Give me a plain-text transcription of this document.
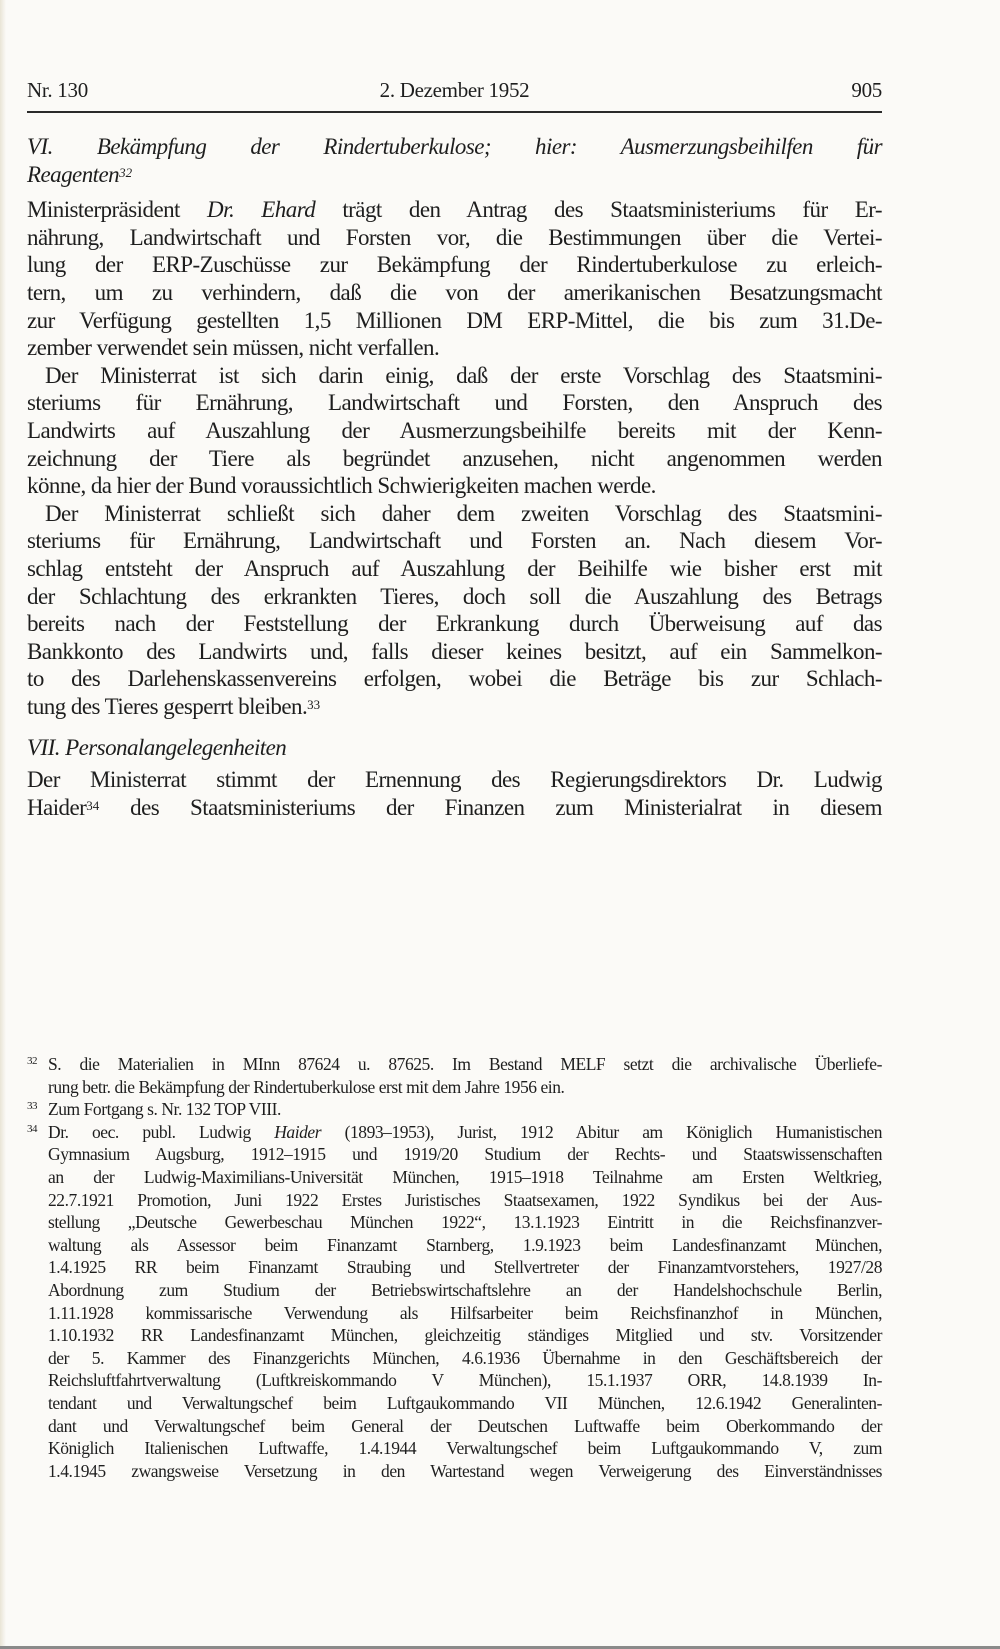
Nr. 130	2. Dezember 1952	905
VI. Bekämpfung der Rindertuberkulose; hier: Ausmerzungsbeihilfen für
Reagenten$^{32}$
Ministerpräsident Dr. Ehard trägt den Antrag des Staatsministeriums für Er-
nährung, Landwirtschaft und Forsten vor, die Bestimmungen über die Vertei-
lung der ERP-Zuschüsse zur Bekämpfung der Rindertuberkulose zu erleich-
tern, um zu verhindern, daß die von der amerikanischen Besatzungsmacht
zur Verfügung gestellten 1,5 Millionen DM ERP-Mittel, die bis zum 31.De-
zember verwendet sein müssen, nicht verfallen.
Der Ministerrat ist sich darin einig, daß der erste Vorschlag des Staatsmini-
steriums für Ernährung, Landwirtschaft und Forsten, den Anspruch des
Landwirts auf Auszahlung der Ausmerzungsbeihilfe bereits mit der Kenn-
zeichnung der Tiere als begründet anzusehen, nicht angenommen werden
könne, da hier der Bund voraussichtlich Schwierigkeiten machen werde.
Der Ministerrat schließt sich daher dem zweiten Vorschlag des Staatsmini-
steriums für Ernährung, Landwirtschaft und Forsten an. Nach diesem Vor-
schlag entsteht der Anspruch auf Auszahlung der Beihilfe wie bisher erst mit
der Schlachtung des erkrankten Tieres, doch soll die Auszahlung des Betrags
bereits nach der Feststellung der Erkrankung durch Überweisung auf das
Bankkonto des Landwirts und, falls dieser keines besitzt, auf ein Sammelkon-
to des Darlehenskassenvereins erfolgen, wobei die Beträge bis zur Schlach-
tung des Tieres gesperrt bleiben.$^{33}$
VII. Personalangelegenheiten
Der Ministerrat stimmt der Ernennung des Regierungsdirektors Dr. Ludwig
Haider$^{34}$ des Staatsministeriums der Finanzen zum Ministerialrat in diesem
32 S. die Materialien in MInn 87624 u. 87625. Im Bestand MELF setzt die archivalische Überliefe-
rung betr. die Bekämpfung der Rindertuberkulose erst mit dem Jahre 1956 ein.
33 Zum Fortgang s. Nr. 132 TOP VIII.
34 Dr. oec. publ. Ludwig Haider (1893–1953), Jurist, 1912 Abitur am Königlich Humanistischen
Gymnasium Augsburg, 1912–1915 und 1919/20 Studium der Rechts- und Staatswissenschaften
an der Ludwig-Maximilians-Universität München, 1915–1918 Teilnahme am Ersten Weltkrieg,
22.7.1921 Promotion, Juni 1922 Erstes Juristisches Staatsexamen, 1922 Syndikus bei der Aus-
stellung „Deutsche Gewerbeschau München 1922“, 13.1.1923 Eintritt in die Reichsfinanzver-
waltung als Assessor beim Finanzamt Starnberg, 1.9.1923 beim Landesfinanzamt München,
1.4.1925 RR beim Finanzamt Straubing und Stellvertreter der Finanzamtvorstehers, 1927/28
Abordnung zum Studium der Betriebswirtschaftslehre an der Handelshochschule Berlin,
1.11.1928 kommissarische Verwendung als Hilfsarbeiter beim Reichsfinanzhof in München,
1.10.1932 RR Landesfinanzamt München, gleichzeitig ständiges Mitglied und stv. Vorsitzender
der 5. Kammer des Finanzgerichts München, 4.6.1936 Übernahme in den Geschäftsbereich der
Reichsluftfahrtverwaltung (Luftkreiskommando V München), 15.1.1937 ORR, 14.8.1939 In-
tendant und Verwaltungschef beim Luftgaukommando VII München, 12.6.1942 Generalinten-
dant und Verwaltungschef beim General der Deutschen Luftwaffe beim Oberkommando der
Königlich Italienischen Luftwaffe, 1.4.1944 Verwaltungschef beim Luftgaukommando V, zum
1.4.1945 zwangsweise Versetzung in den Wartestand wegen Verweigerung des Einverständnisses
